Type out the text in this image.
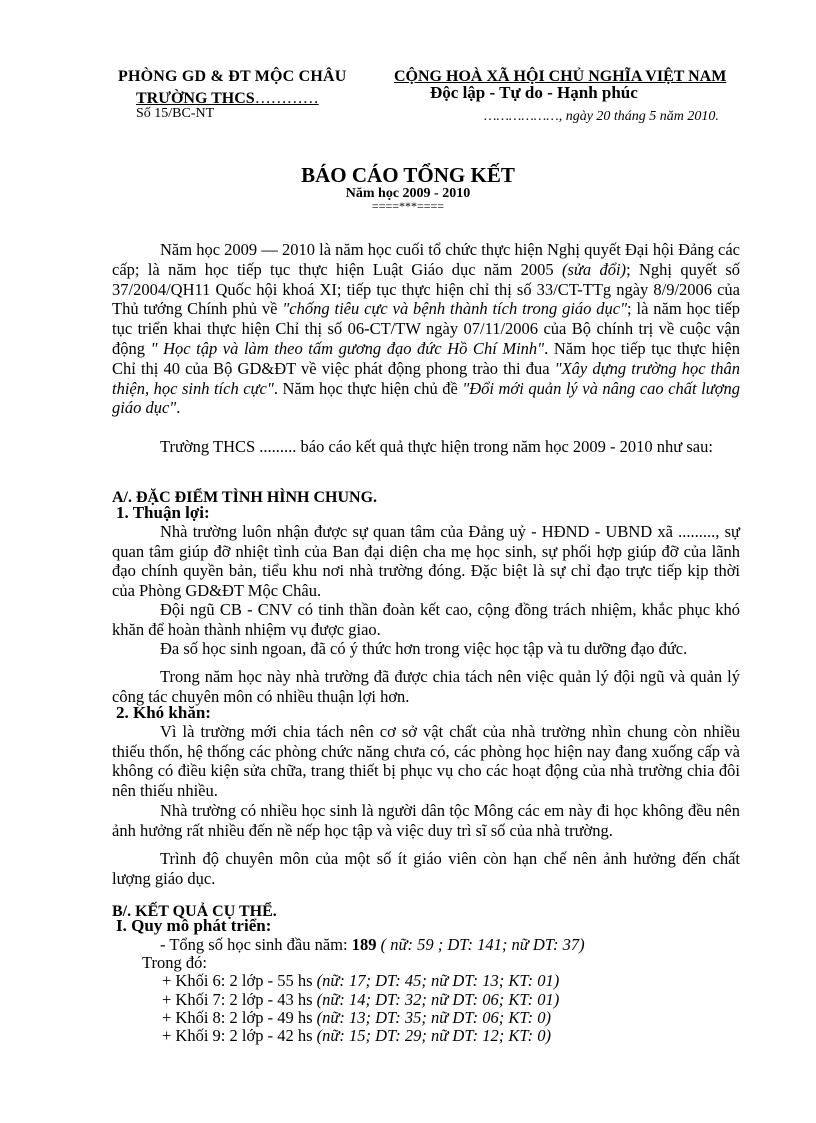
PHÒNG GD & ĐT MỘC CHÂU
TRƯỜNG THCS…………
Số 15/BC-NT
CỘNG HOÀ XÃ HỘI CHỦ NGHĨA VIỆT NAM
Độc lập - Tự do - Hạnh phúc
………………, ngày 20 tháng 5 năm 2010.
BÁO CÁO TỔNG KẾT
Năm học 2009 - 2010
====***====
Năm học 2009 — 2010 là năm học cuối tổ chức thực hiện Nghị quyết Đại hội Đảng các cấp; là năm học tiếp tục thực hiện Luật Giáo dục năm 2005 (sửa đổi); Nghị quyết số 37/2004/QH11 Quốc hội khoá XI; tiếp tục thực hiện chỉ thị số 33/CT-TTg ngày 8/9/2006 của Thủ tướng Chính phủ về "chống tiêu cực và bệnh thành tích trong giáo dục"; là năm học tiếp tục triển khai thực hiện Chỉ thị số 06-CT/TW ngày 07/11/2006 của Bộ chính trị về cuộc vận động " Học tập và làm theo tấm gương đạo đức Hồ Chí Minh". Năm học tiếp tục thực hiện Chỉ thị 40 của Bộ GD&ĐT về việc phát động phong trào thi đua "Xây dựng trường học thân thiện, học sinh tích cực". Năm học thực hiện chủ đề "Đổi mới quản lý và nâng cao chất lượng giáo dục".
Trường THCS ......... báo cáo kết quả thực hiện trong năm học 2009 - 2010 như sau:
A/. ĐẶC ĐIỂM TÌNH HÌNH CHUNG.
1. Thuận lợi:
Nhà trường luôn nhận được sự quan tâm của Đảng uỷ - HĐND - UBND xã ........., sự quan tâm giúp đỡ nhiệt tình của Ban đại diện cha mẹ học sinh, sự phối hợp giúp đỡ của lãnh đạo chính quyền bản, tiểu khu nơi nhà trường đóng. Đặc biệt là sự chỉ đạo trực tiếp kịp thời của Phòng GD&ĐT Mộc Châu.
Đội ngũ CB - CNV có tinh thần đoàn kết cao, cộng đồng trách nhiệm, khắc phục khó khăn để hoàn thành nhiệm vụ được giao.
Đa số học sinh ngoan, đã có ý thức hơn trong việc học tập và tu dưỡng đạo đức.
Trong năm học này nhà trường đã được chia tách nên việc quản lý đội ngũ và quản lý công tác chuyên môn có nhiều thuận lợi hơn.
2. Khó khăn:
Vì là trường mới chia tách nên cơ sở vật chất của nhà trường nhìn chung còn nhiều thiếu thốn, hệ thống các phòng chức năng chưa có, các phòng học hiện nay đang xuống cấp và không có điều kiện sửa chữa, trang thiết bị phục vụ cho các hoạt động của nhà trường chia đôi nên thiếu nhiều.
Nhà trường có nhiều học sinh là người dân tộc Mông các em này đi học không đều nên ảnh hưởng rất nhiều đến nề nếp học tập và việc duy trì sĩ số của nhà trường.
Trình độ chuyên môn của một số ít giáo viên còn hạn chế nên ảnh hưởng đến chất lượng giáo dục.
B/. KẾT QUẢ CỤ THỂ.
I. Quy mô phát triển:
- Tổng số học sinh đầu năm: 189 ( nữ: 59 ; DT: 141; nữ DT: 37)
Trong đó:
+ Khối 6: 2 lớp - 55 hs (nữ: 17; DT: 45; nữ DT: 13; KT: 01)
+ Khối 7: 2 lớp - 43 hs (nữ: 14; DT: 32; nữ DT: 06; KT: 01)
+ Khối 8: 2 lớp - 49 hs (nữ: 13; DT: 35; nữ DT: 06; KT: 0)
+ Khối 9: 2 lớp - 42 hs (nữ: 15; DT: 29; nữ DT: 12; KT: 0)
